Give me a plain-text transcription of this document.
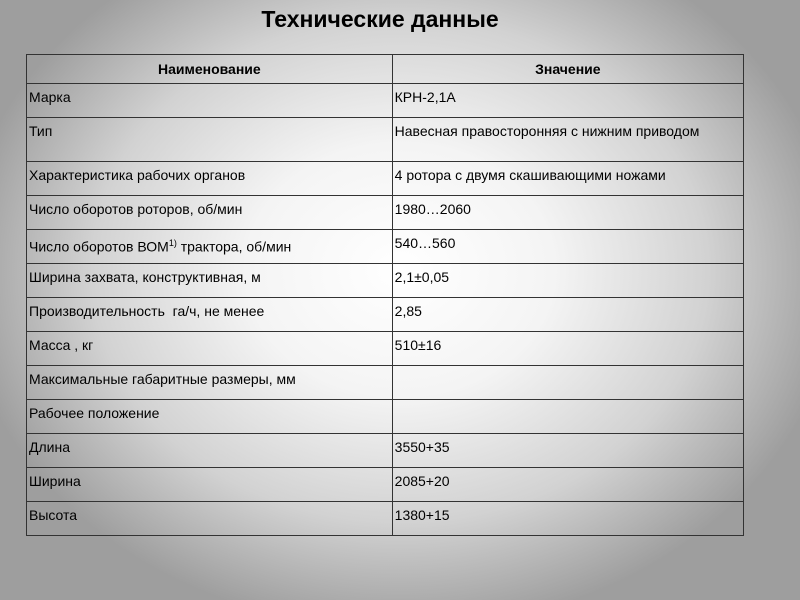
Технические данные
Наименование	Значение
Марка	КРН-2,1А
Тип	Навесная правосторонняя с нижним приводом
Характеристика рабочих органов	4 ротора с двумя скашивающими ножами
Число оборотов роторов, об/мин	1980…2060
Число оборотов ВОМ$^{1)}$ трактора, об/мин	540…560
Ширина захвата, конструктивная, м	2,1±0,05
Производительность  га/ч, не менее	2,85
Масса , кг	510±16
Максимальные габаритные размеры, мм	
Рабочее положение	
Длина	3550+35
Ширина	2085+20
Высота	1380+15
